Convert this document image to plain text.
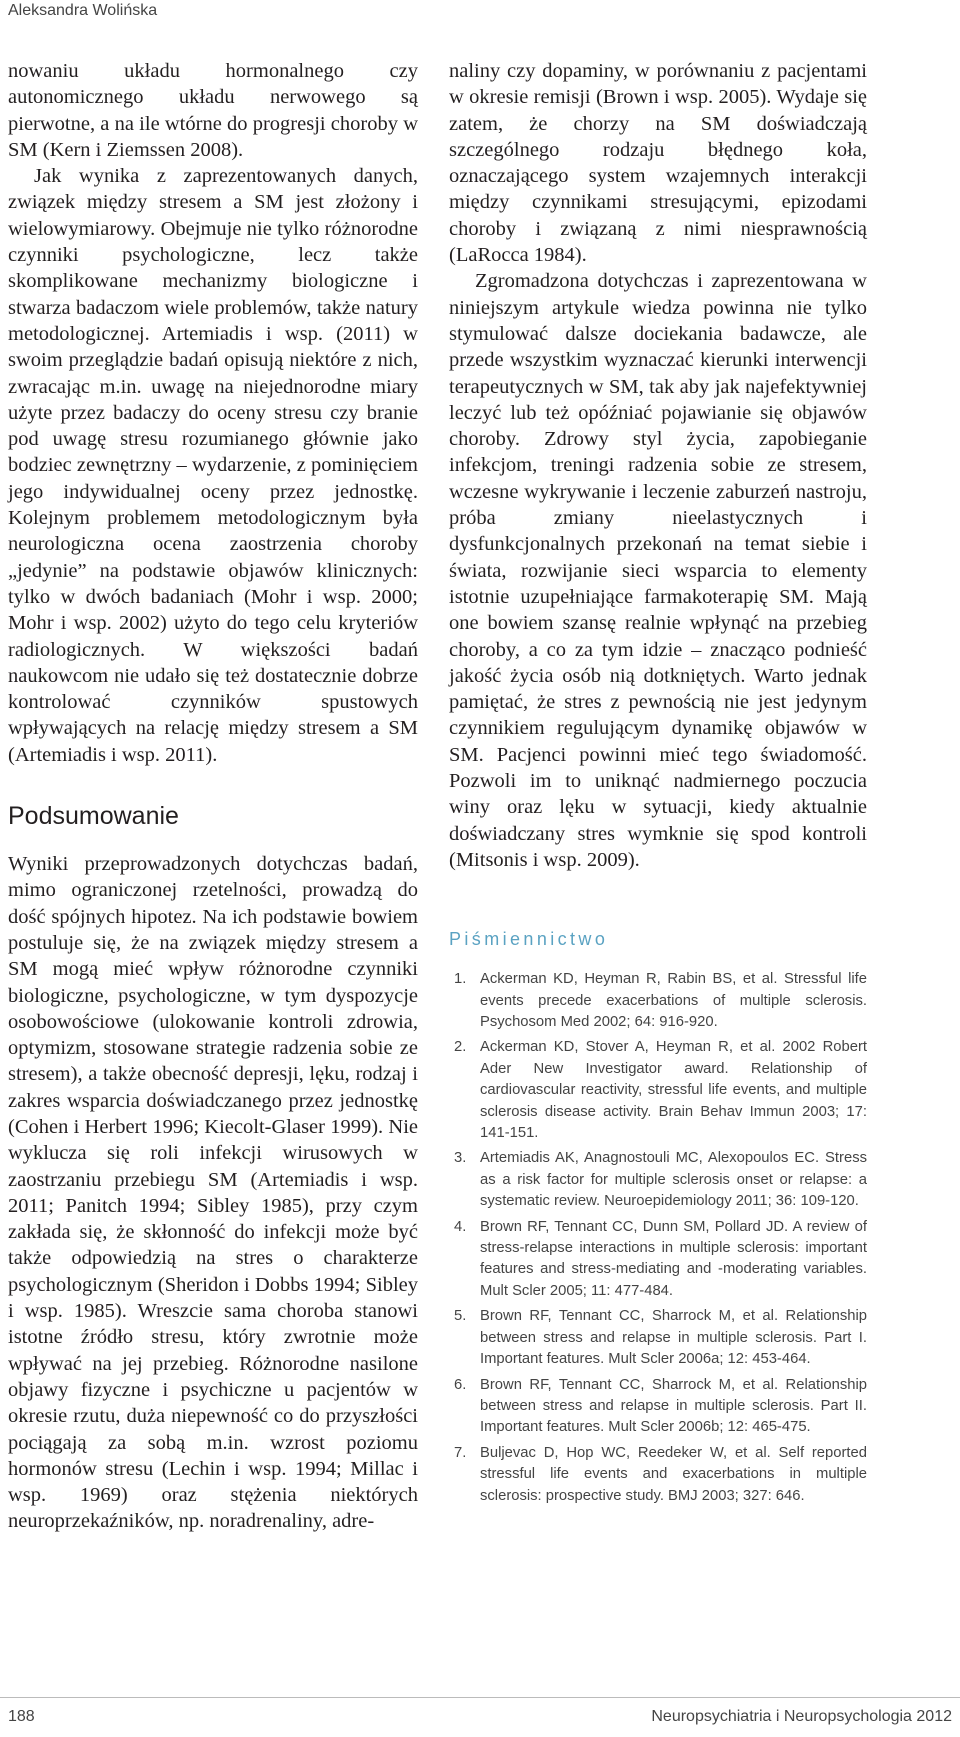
Aleksandra Wolińska

nowaniu układu hormonalnego czy autonomicznego układu nerwowego są pierwotne, a na ile wtórne do progresji choroby w SM (Kern i Ziemssen 2008).

Jak wynika z zaprezentowanych danych, związek między stresem a SM jest złożony i wielowymiarowy. Obejmuje nie tylko różnorodne czynniki psychologiczne, lecz także skomplikowane mechanizmy biologiczne i stwarza badaczom wiele problemów, także natury metodologicznej. Artemiadis i wsp. (2011) w swoim przeglądzie badań opisują niektóre z nich, zwracając m.in. uwagę na niejednorodne miary użyte przez badaczy do oceny stresu czy branie pod uwagę stresu rozumianego głównie jako bodziec zewnętrzny – wydarzenie, z pominięciem jego indywidualnej oceny przez jednostkę. Kolejnym problemem metodologicznym była neurologiczna ocena zaostrzenia choroby „jedynie” na podstawie objawów klinicznych: tylko w dwóch badaniach (Mohr i wsp. 2000; Mohr i wsp. 2002) użyto do tego celu kryteriów radiologicznych. W większości badań naukowcom nie udało się też dostatecznie dobrze kontrolować czynników spustowych wpływających na relację między stresem a SM (Artemiadis i wsp. 2011).

Podsumowanie

Wyniki przeprowadzonych dotychczas badań, mimo ograniczonej rzetelności, prowadzą do dość spójnych hipotez. Na ich podstawie bowiem postuluje się, że na związek między stresem a SM mogą mieć wpływ różnorodne czynniki biologiczne, psychologiczne, w tym dyspozycje osobowościowe (ulokowanie kontroli zdrowia, optymizm, stosowane strategie radzenia sobie ze stresem), a także obecność depresji, lęku, rodzaj i zakres wsparcia doświadczanego przez jednostkę (Cohen i Herbert 1996; Kiecolt-Glaser 1999). Nie wyklucza się roli infekcji wirusowych w zaostrzaniu przebiegu SM (Artemiadis i wsp. 2011; Panitch 1994; Sibley 1985), przy czym zakłada się, że skłonność do infekcji może być także odpowiedzią na stres o charakterze psychologicznym (Sheridon i Dobbs 1994; Sibley i wsp. 1985). Wreszcie sama choroba stanowi istotne źródło stresu, który zwrotnie może wpływać na jej przebieg. Różnorodne nasilone objawy fizyczne i psychiczne u pacjentów w okresie rzutu, duża niepewność co do przyszłości pociągają za sobą m.in. wzrost poziomu hormonów stresu (Lechin i wsp. 1994; Millac i wsp. 1969) oraz stężenia niektórych neuroprzekaźników, np. noradrenaliny, adre-

naliny czy dopaminy, w porównaniu z pacjentami w okresie remisji (Brown i wsp. 2005). Wydaje się zatem, że chorzy na SM doświadczają szczególnego rodzaju błędnego koła, oznaczającego system wzajemnych interakcji między czynnikami stresującymi, epizodami choroby i związaną z nimi niesprawnością (LaRocca 1984).

Zgromadzona dotychczas i zaprezentowana w niniejszym artykule wiedza powinna nie tylko stymulować dalsze dociekania badawcze, ale przede wszystkim wyznaczać kierunki interwencji terapeutycznych w SM, tak aby jak najefektywniej leczyć lub też opóźniać pojawianie się objawów choroby. Zdrowy styl życia, zapobieganie infekcjom, treningi radzenia sobie ze stresem, wczesne wykrywanie i leczenie zaburzeń nastroju, próba zmiany nieelastycznych i dysfunkcjonalnych przekonań na temat siebie i świata, rozwijanie sieci wsparcia to elementy istotnie uzupełniające farmakoterapię SM. Mają one bowiem szansę realnie wpłynąć na przebieg choroby, a co za tym idzie – znacząco podnieść jakość życia osób nią dotkniętych. Warto jednak pamiętać, że stres z pewnością nie jest jedynym czynnikiem regulującym dynamikę objawów w SM. Pacjenci powinni mieć tego świadomość. Pozwoli im to uniknąć nadmiernego poczucia winy oraz lęku w sytuacji, kiedy aktualnie doświadczany stres wymknie się spod kontroli (Mitsonis i wsp. 2009).

Piśmiennictwo
1. Ackerman KD, Heyman R, Rabin BS, et al. Stressful life events precede exacerbations of multiple sclerosis. Psychosom Med 2002; 64: 916-920.
2. Ackerman KD, Stover A, Heyman R, et al. 2002 Robert Ader New Investigator award. Relationship of cardiovascular reactivity, stressful life events, and multiple sclerosis disease activity. Brain Behav Immun 2003; 17: 141-151.
3. Artemiadis AK, Anagnostouli MC, Alexopoulos EC. Stress as a risk factor for multiple sclerosis onset or relapse: a systematic review. Neuroepidemiology 2011; 36: 109-120.
4. Brown RF, Tennant CC, Dunn SM, Pollard JD. A review of stress-relapse interactions in multiple sclerosis: important features and stress-mediating and -moderating variables. Mult Scler 2005; 11: 477-484.
5. Brown RF, Tennant CC, Sharrock M, et al. Relationship between stress and relapse in multiple sclerosis. Part I. Important features. Mult Scler 2006a; 12: 453-464.
6. Brown RF, Tennant CC, Sharrock M, et al. Relationship between stress and relapse in multiple sclerosis. Part II. Important features. Mult Scler 2006b; 12: 465-475.
7. Buljevac D, Hop WC, Reedeker W, et al. Self reported stressful life events and exacerbations in multiple sclerosis: prospective study. BMJ 2003; 327: 646.
188	Neuropsychiatria i Neuropsychologia 2012
